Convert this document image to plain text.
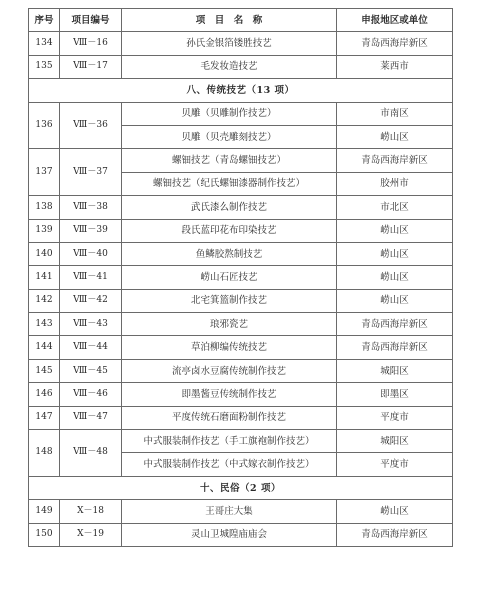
序号	项目编号	项　目　名　称	申报地区或单位
134	Ⅷ－16	孙氏金银箔镂胜技艺	青岛西海岸新区
135	Ⅷ－17	毛发妆造技艺	莱西市
八、传统技艺（13 项）			
136	Ⅷ－36	贝雕（贝雕制作技艺）	市南区
		贝雕（贝壳雕刻技艺）	崂山区
137	Ⅷ－37	螺钿技艺（青岛螺钿技艺）	青岛西海岸新区
		螺钿技艺（纪氏螺钿漆器制作技艺）	胶州市
138	Ⅷ－38	武氏漆么制作技艺	市北区
139	Ⅷ－39	段氏蓝印花布印染技艺	崂山区
140	Ⅷ－40	鱼鳞胶熬制技艺	崂山区
141	Ⅷ－41	崂山石匠技艺	崂山区
142	Ⅷ－42	北宅箕篮制作技艺	崂山区
143	Ⅷ－43	琅邪瓷艺	青岛西海岸新区
144	Ⅷ－44	草泊柳编传统技艺	青岛西海岸新区
145	Ⅷ－45	流亭卤水豆腐传统制作技艺	城阳区
146	Ⅷ－46	即墨酱豆传统制作技艺	即墨区
147	Ⅷ－47	平度传统石磨面粉制作技艺	平度市
148	Ⅷ－48	中式服装制作技艺（手工旗袍制作技艺）	城阳区
		中式服装制作技艺（中式嫁衣制作技艺）	平度市
十、民俗（2 项）			
149	Ⅹ－18	王哥庄大集	崂山区
150	Ⅹ－19	灵山卫城隍庙庙会	青岛西海岸新区
